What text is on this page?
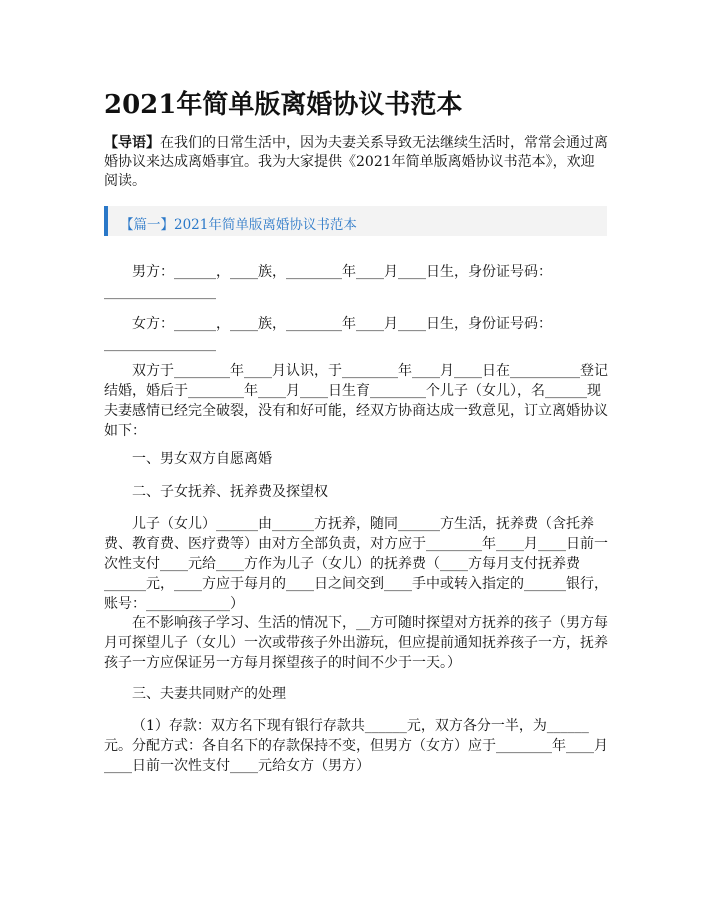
2021年简单版离婚协议书范本
【导语】在我们的日常生活中，因为夫妻关系导致无法继续生活时，常常会通过离婚协议来达成离婚事宜。我为大家提供《2021年简单版离婚协议书范本》，欢迎阅读。
【篇一】2021年简单版离婚协议书范本

男方：______，____族，________年____月____日生，身份证号码：

________________

女方：______，____族，________年____月____日生，身份证号码：

________________

双方于________年____月认识，于________年____月____日在__________登记结婚，婚后于________年____月____日生育________个儿子（女儿），名______现夫妻感情已经完全破裂，没有和好可能，经双方协商达成一致意见，订立离婚协议如下：

一、男女双方自愿离婚

二、子女抚养、抚养费及探望权

儿子（女儿）______由______方抚养，随同______方生活，抚养费（含托养费、教育费、医疗费等）由对方全部负责，对方应于________年____月____日前一次性支付____元给____方作为儿子（女儿）的抚养费（____方每月支付抚养费______元，____方应于每月的____日之间交到____手中或转入指定的______银行，账号：____________）

在不影响孩子学习、生活的情况下，__方可随时探望对方抚养的孩子（男方每月可探望儿子（女儿）一次或带孩子外出游玩，但应提前通知抚养孩子一方，抚养孩子一方应保证另一方每月探望孩子的时间不少于一天。）

三、夫妻共同财产的处理

（1）存款：双方名下现有银行存款共______元，双方各分一半，为______元。分配方式：各自名下的存款保持不变，但男方（女方）应于________年____月____日前一次性支付____元给女方（男方）
